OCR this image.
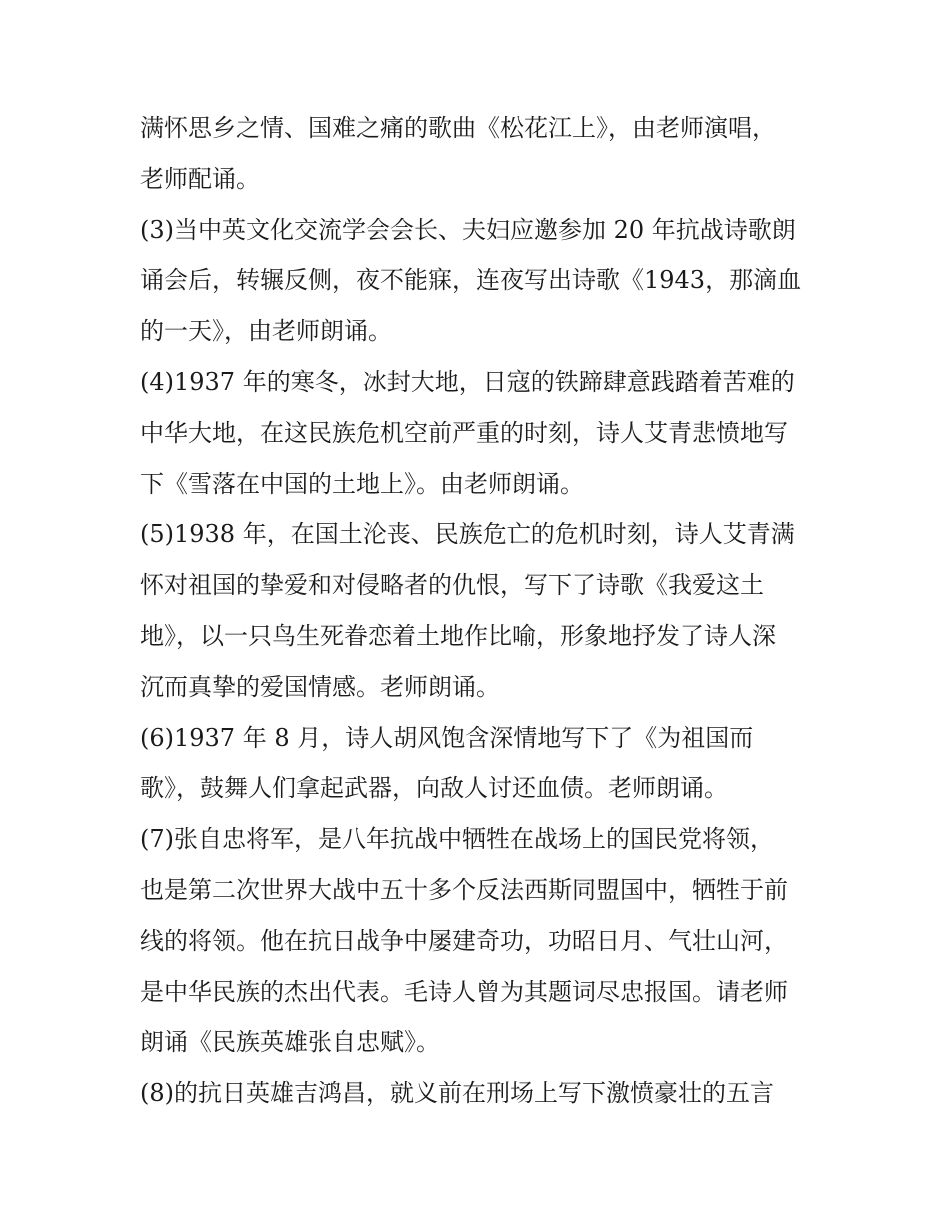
满怀思乡之情、国难之痛的歌曲《松花江上》，由老师演唱，
老师配诵。
(3)当中英文化交流学会会长、夫妇应邀参加 20 年抗战诗歌朗
诵会后，转辗反侧，夜不能寐，连夜写出诗歌《1943，那滴血
的一天》，由老师朗诵。
(4)1937 年的寒冬，冰封大地，日寇的铁蹄肆意践踏着苦难的
中华大地，在这民族危机空前严重的时刻，诗人艾青悲愤地写
下《雪落在中国的土地上》。由老师朗诵。
(5)1938 年，在国土沦丧、民族危亡的危机时刻，诗人艾青满
怀对祖国的挚爱和对侵略者的仇恨，写下了诗歌《我爱这土
地》，以一只鸟生死眷恋着土地作比喻，形象地抒发了诗人深
沉而真挚的爱国情感。老师朗诵。
(6)1937 年 8 月，诗人胡风饱含深情地写下了《为祖国而
歌》，鼓舞人们拿起武器，向敌人讨还血债。老师朗诵。
(7)张自忠将军，是八年抗战中牺牲在战场上的国民党将领，
也是第二次世界大战中五十多个反法西斯同盟国中，牺牲于前
线的将领。他在抗日战争中屡建奇功，功昭日月、气壮山河，
是中华民族的杰出代表。毛诗人曾为其题词尽忠报国。请老师
朗诵《民族英雄张自忠赋》。
(8)的抗日英雄吉鸿昌，就义前在刑场上写下激愤豪壮的五言
